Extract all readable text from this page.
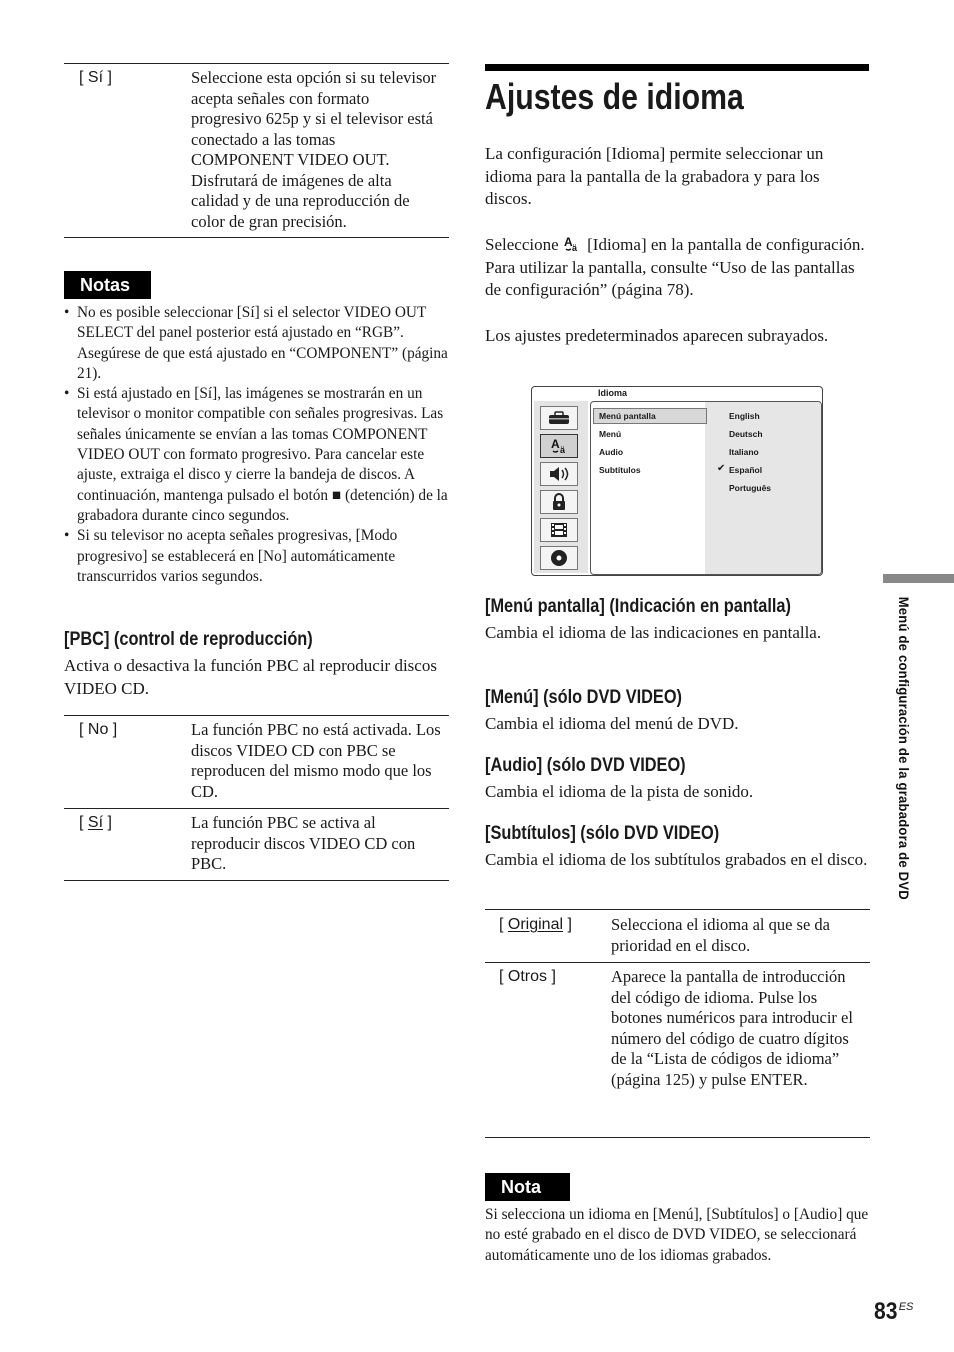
[ Sí ]	Seleccione esta opción si su televisor acepta señales con formato progresivo 625p y si el televisor está conectado a las tomas COMPONENT VIDEO OUT. Disfrutará de imágenes de alta calidad y de una reproducción de color de gran precisión.
Notas
• No es posible seleccionar [Sí] si el selector VIDEO OUT SELECT del panel posterior está ajustado en “RGB”. Asegúrese de que está ajustado en “COMPONENT” (página 21).
• Si está ajustado en [Sí], las imágenes se mostrarán en un televisor o monitor compatible con señales progresivas. Las señales únicamente se envían a las tomas COMPONENT VIDEO OUT con formato progresivo. Para cancelar este ajuste, extraiga el disco y cierre la bandeja de discos. A continuación, mantenga pulsado el botón ■ (detención) de la grabadora durante cinco segundos.
• Si su televisor no acepta señales progresivas, [Modo progresivo] se establecerá en [No] automáticamente transcurridos varios segundos.
[PBC] (control de reproducción)
Activa o desactiva la función PBC al reproducir discos VIDEO CD.
[ No ]	La función PBC no está activada. Los discos VIDEO CD con PBC se reproducen del mismo modo que los CD.
[ Sí ]	La función PBC se activa al reproducir discos VIDEO CD con PBC.
Ajustes de idioma
La configuración [Idioma] permite seleccionar un idioma para la pantalla de la grabadora y para los discos.
Seleccione A ä [Idioma] en la pantalla de configuración. Para utilizar la pantalla, consulte “Uso de las pantallas de configuración” (página 78).
Los ajustes predeterminados aparecen subrayados.
Idioma
A ä
Menú pantalla
Menú
Audio
Subtítulos
English
Deutsch
Italiano
✔ Español
Português
[Menú pantalla] (Indicación en pantalla)
Cambia el idioma de las indicaciones en pantalla.
[Menú] (sólo DVD VIDEO)
Cambia el idioma del menú de DVD.
[Audio] (sólo DVD VIDEO)
Cambia el idioma de la pista de sonido.
[Subtítulos] (sólo DVD VIDEO)
Cambia el idioma de los subtítulos grabados en el disco.
[ Original ] Selecciona el idioma al que se da prioridad en el disco.
[ Otros ]	Aparece la pantalla de introducción del código de idioma. Pulse los botones numéricos para introducir el número del código de cuatro dígitos de la “Lista de códigos de idioma” (página 125) y pulse ENTER.
Nota
Si selecciona un idioma en [Menú], [Subtítulos] o [Audio] que no esté grabado en el disco de DVD VIDEO, se seleccionará automáticamente uno de los idiomas grabados.
Menú de configuración de la grabadora de DVD
$83^{ES}$
